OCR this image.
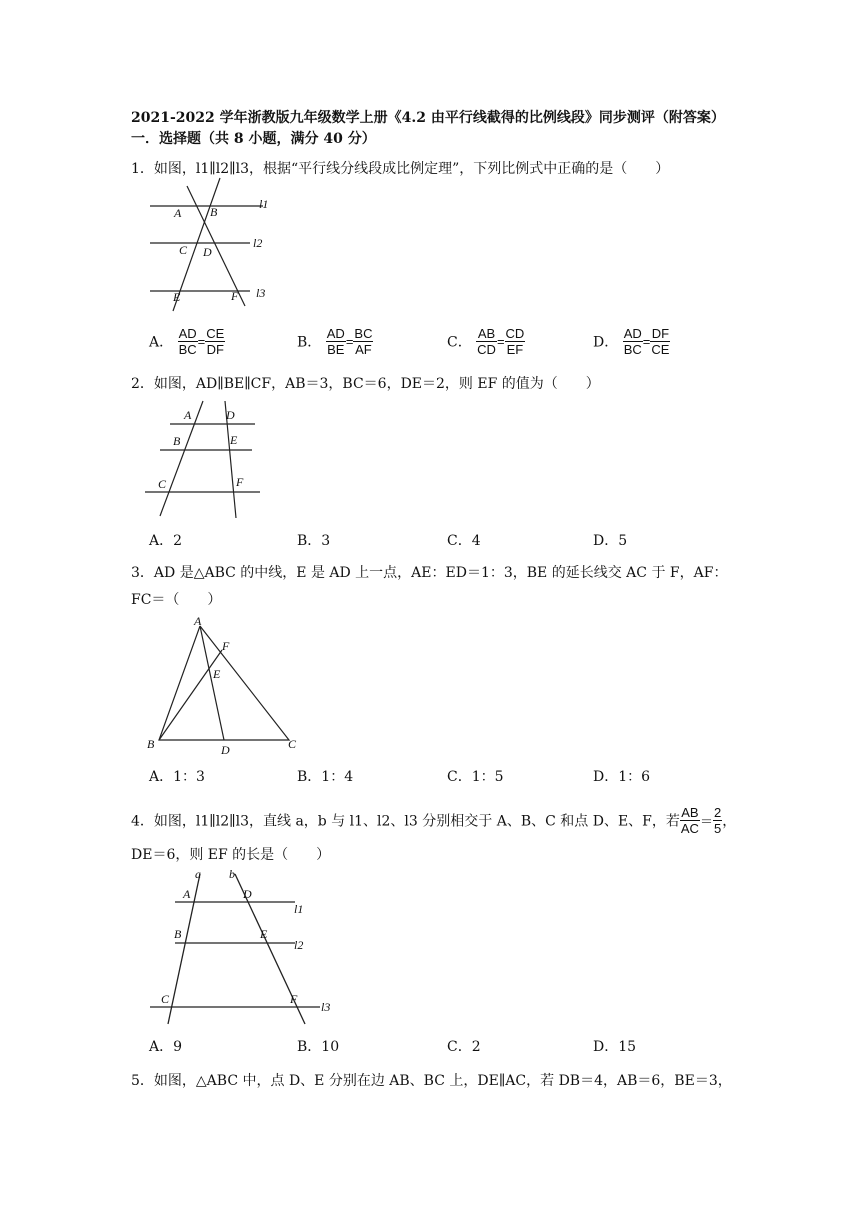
2021-2022 学年浙教版九年级数学上册《4.2 由平行线截得的比例线段》同步测评（附答案）
一．选择题（共 8 小题，满分 40 分）
1．如图，l1∥l2∥l3，根据“平行线分线段成比例定理”，下列比例式中正确的是（　　）
A B
l1
C D
l2
E	F l3
A． $\frac{AD}{BC} = \frac{CE}{DF}$	B． $\frac{AD}{BE} = \frac{BC}{AF}$	C． $\frac{AB}{CD} = \frac{CD}{EF}$	D． $\frac{AD}{BC} = \frac{DF}{CE}$
2．如图，AD∥BE∥CF，AB＝3，BC＝6，DE＝2，则 EF 的值为（　　）
A	D
B	E
C	F
A．2	B．3	C．4	D．5
3．AD 是△ABC 的中线，E 是 AD 上一点，AE：ED＝1：3，BE 的延长线交 AC 于 F，AF：
FC＝（　　）
A
F
E
B	D	C
A．1：3	B．1：4	C．1：5	D．1：6
4．如图，l1∥l2∥l3，直线 a，b 与 l1、l2、l3 分别相交于 A、B、C 和点 D、E、F，若 $\frac{AB}{AC} = \frac{2}{5}$ ，
DE＝6，则 EF 的长是（　　）
a b
A	D
l1
B	E
l2
C	F
l3
A．9	B．10	C．2	D．15
5．如图，△ABC 中，点 D、E 分别在边 AB、BC 上，DE∥AC，若 DB＝4，AB＝6，BE＝3，
